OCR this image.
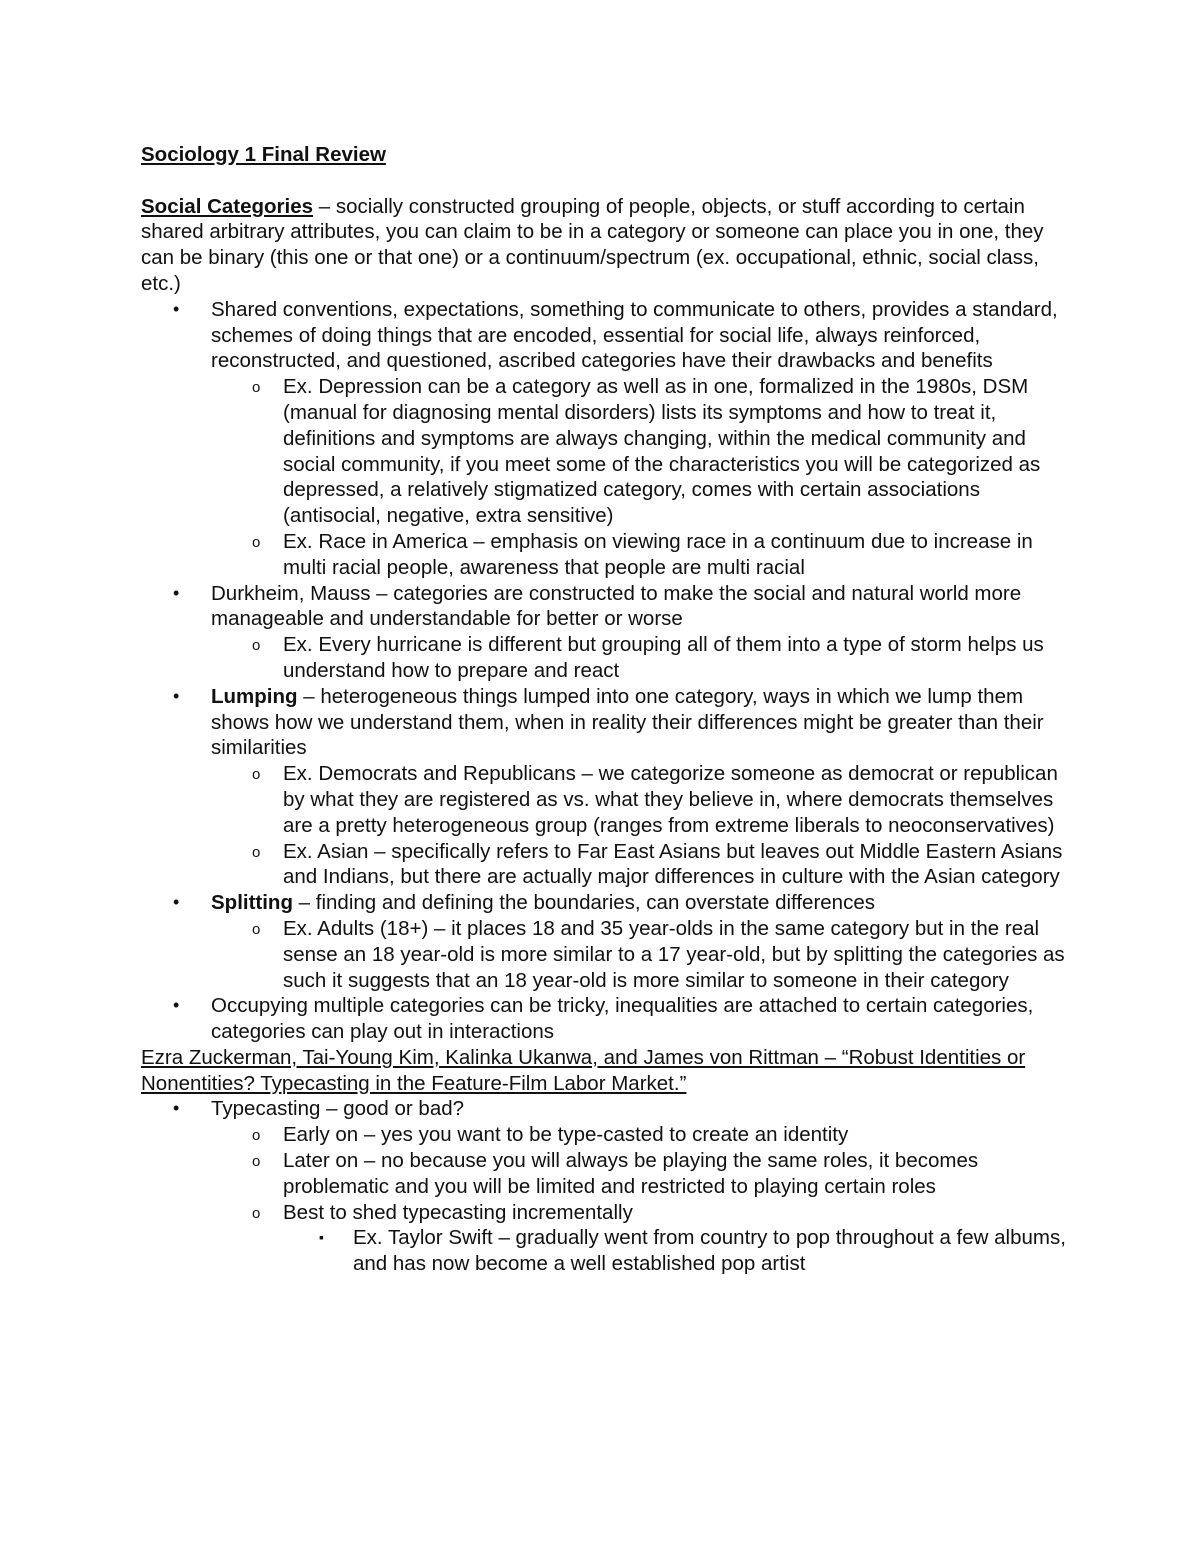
Sociology 1 Final Review

Social Categories – socially constructed grouping of people, objects, or stuff according to certain shared arbitrary attributes, you can claim to be in a category or someone can place you in one, they can be binary (this one or that one) or a continuum/spectrum (ex. occupational, ethnic, social class, etc.)

• Shared conventions, expectations, something to communicate to others, provides a standard, schemes of doing things that are encoded, essential for social life, always reinforced, reconstructed, and questioned, ascribed categories have their drawbacks and benefits
o Ex. Depression can be a category as well as in one, formalized in the 1980s, DSM (manual for diagnosing mental disorders) lists its symptoms and how to treat it, definitions and symptoms are always changing, within the medical community and social community, if you meet some of the characteristics you will be categorized as depressed, a relatively stigmatized category, comes with certain associations (antisocial, negative, extra sensitive)
o Ex. Race in America – emphasis on viewing race in a continuum due to increase in multi racial people, awareness that people are multi racial
• Durkheim, Mauss – categories are constructed to make the social and natural world more manageable and understandable for better or worse
o Ex. Every hurricane is different but grouping all of them into a type of storm helps us understand how to prepare and react
• Lumping – heterogeneous things lumped into one category, ways in which we lump them shows how we understand them, when in reality their differences might be greater than their similarities
o Ex. Democrats and Republicans – we categorize someone as democrat or republican by what they are registered as vs. what they believe in, where democrats themselves are a pretty heterogeneous group (ranges from extreme liberals to neoconservatives)
o Ex. Asian – specifically refers to Far East Asians but leaves out Middle Eastern Asians and Indians, but there are actually major differences in culture with the Asian category
• Splitting – finding and defining the boundaries, can overstate differences
o Ex. Adults (18+) – it places 18 and 35 year-olds in the same category but in the real sense an 18 year-old is more similar to a 17 year-old, but by splitting the categories as such it suggests that an 18 year-old is more similar to someone in their category
• Occupying multiple categories can be tricky, inequalities are attached to certain categories, categories can play out in interactions

Ezra Zuckerman, Tai-Young Kim, Kalinka Ukanwa, and James von Rittman – “Robust Identities or Nonentities? Typecasting in the Feature-Film Labor Market.”

• Typecasting – good or bad?
o Early on – yes you want to be type-casted to create an identity
o Later on – no because you will always be playing the same roles, it becomes problematic and you will be limited and restricted to playing certain roles
o Best to shed typecasting incrementally
▪ Ex. Taylor Swift – gradually went from country to pop throughout a few albums, and has now become a well established pop artist
